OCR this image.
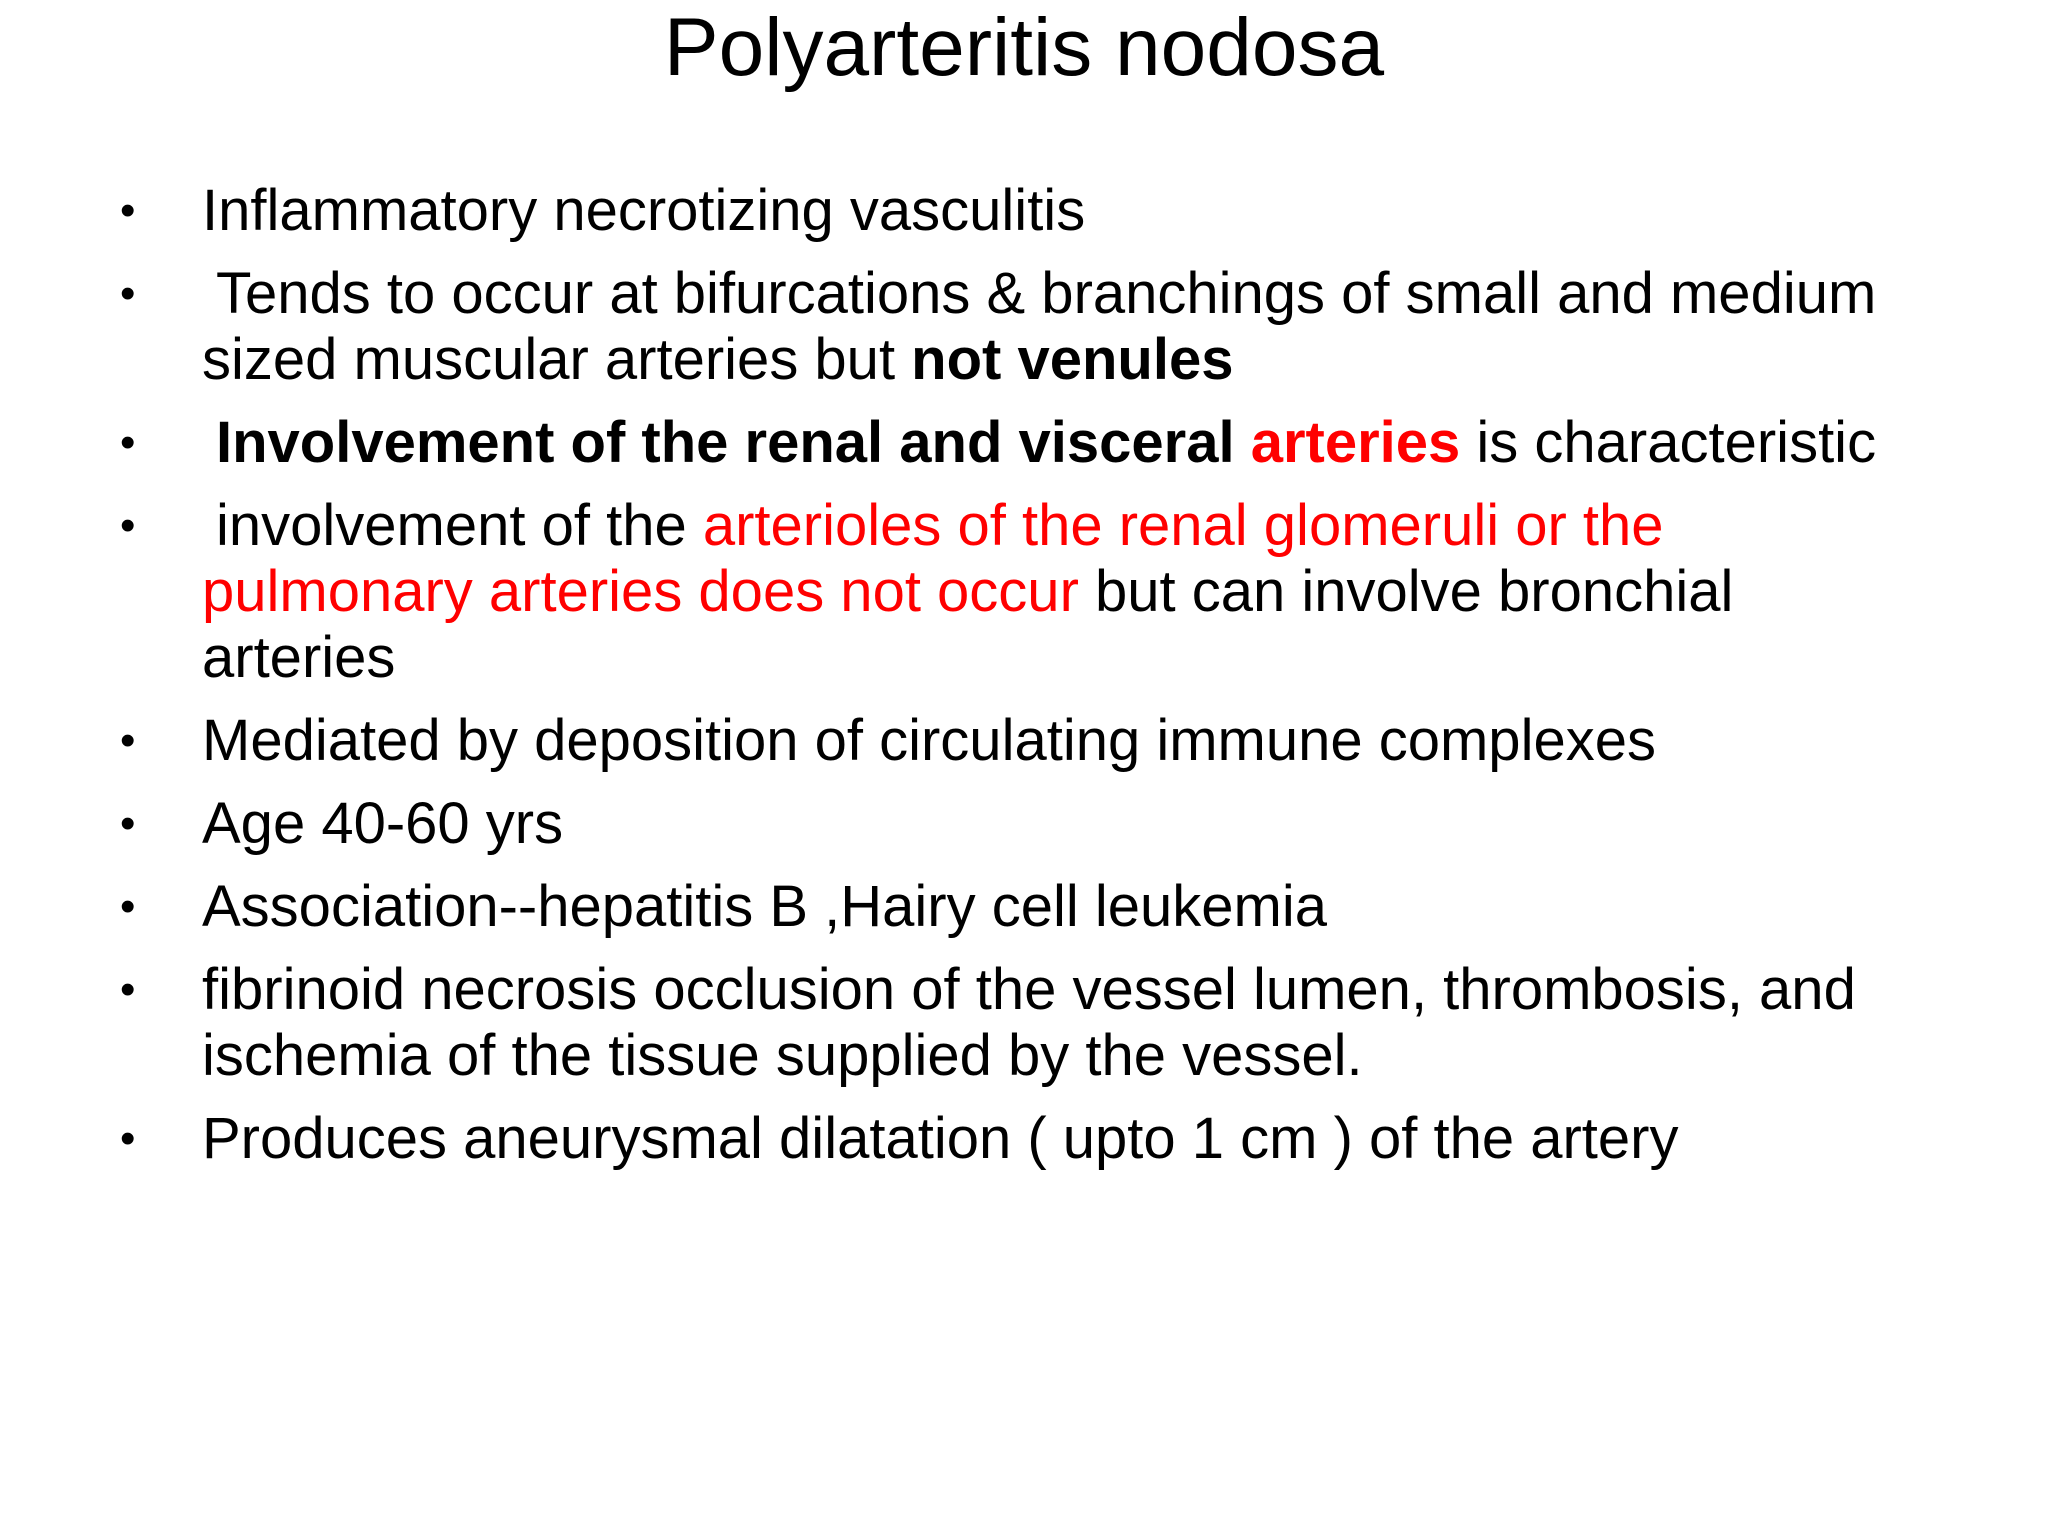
Polyarteritis nodosa
•	Inflammatory necrotizing vasculitis
•	Tends to occur at bifurcations & branchings of small and medium sized muscular arteries but not venules
•	Involvement of the renal and visceral arteries is characteristic
•	involvement of the arterioles of the renal glomeruli or the pulmonary arteries does not occur but can involve bronchial arteries
•	Mediated by deposition of circulating immune complexes
•	Age 40-60 yrs
•	Association--hepatitis B ,Hairy cell leukemia
•	fibrinoid necrosis occlusion of the vessel lumen, thrombosis, and ischemia of the tissue supplied by the vessel.
•	Produces aneurysmal dilatation ( upto 1 cm ) of the artery
